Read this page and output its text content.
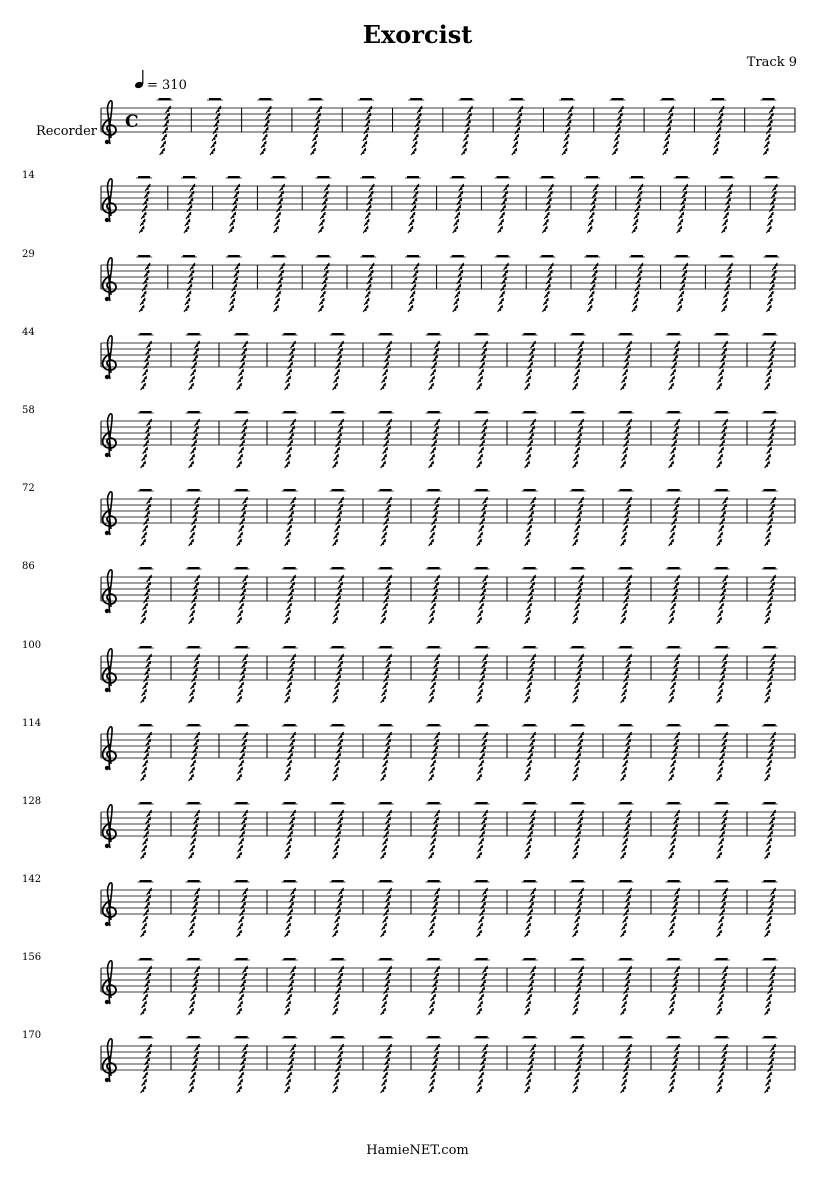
Exorcist
Track 9
= 310
Recorder C
14
29
44
58
72
86
100
114
128
142
156
170
HamieNET.com
